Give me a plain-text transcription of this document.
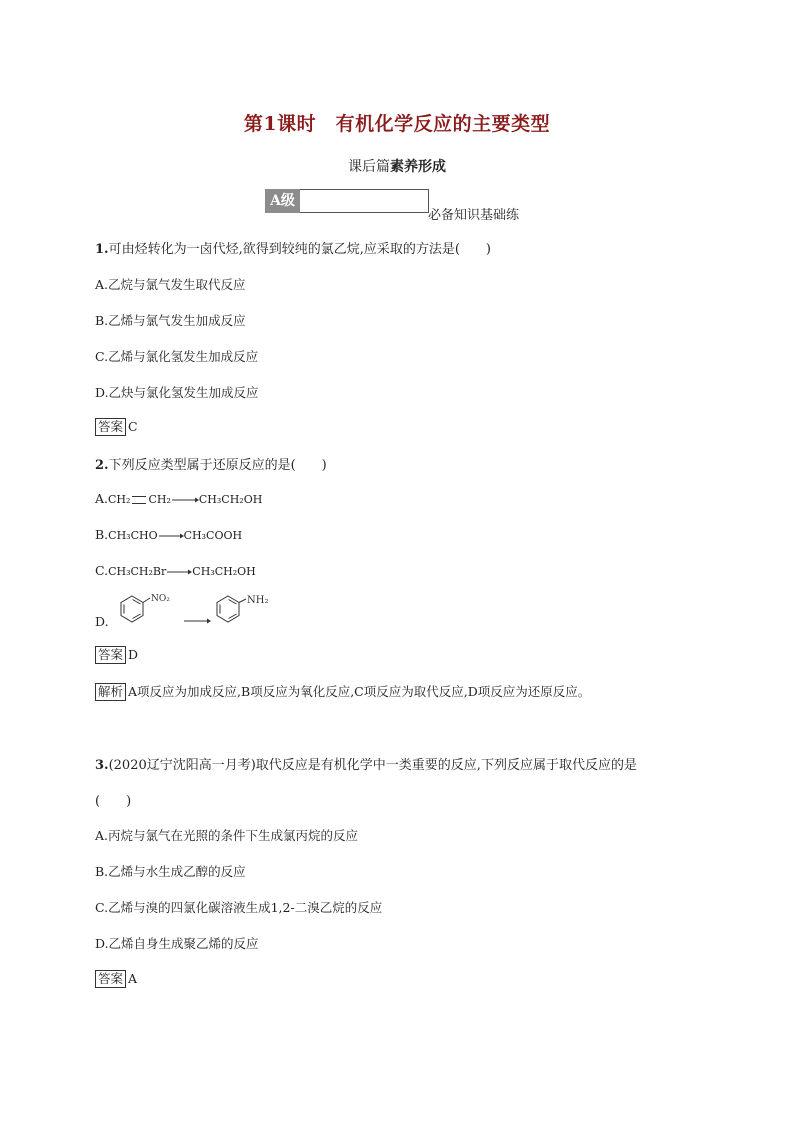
第1课时　有机化学反应的主要类型
课后篇素养形成
A级
必备知识基础练
1.可由烃转化为一卤代烃,欲得到较纯的氯乙烷,应采取的方法是(　　)
A.乙烷与氯气发生取代反应
B.乙烯与氯气发生加成反应
C.乙烯与氯化氢发生加成反应
D.乙炔与氯化氢发生加成反应
答案 C
2.下列反应类型属于还原反应的是(　　)
A.CH₂ CH₂→CH₃CH₂OH
B.CH₃CHO→CH₃COOH
C.CH₃CH₂Br→CH₃CH₂OH
D.
NO₂	NH₂
答案 D
解析 A项反应为加成反应,B项反应为氧化反应,C项反应为取代反应,D项反应为还原反应。
3.(2020辽宁沈阳高一月考)取代反应是有机化学中一类重要的反应,下列反应属于取代反应的是
(　　)
A.丙烷与氯气在光照的条件下生成氯丙烷的反应
B.乙烯与水生成乙醇的反应
C.乙烯与溴的四氯化碳溶液生成1,2-二溴乙烷的反应
D.乙烯自身生成聚乙烯的反应
答案 A
